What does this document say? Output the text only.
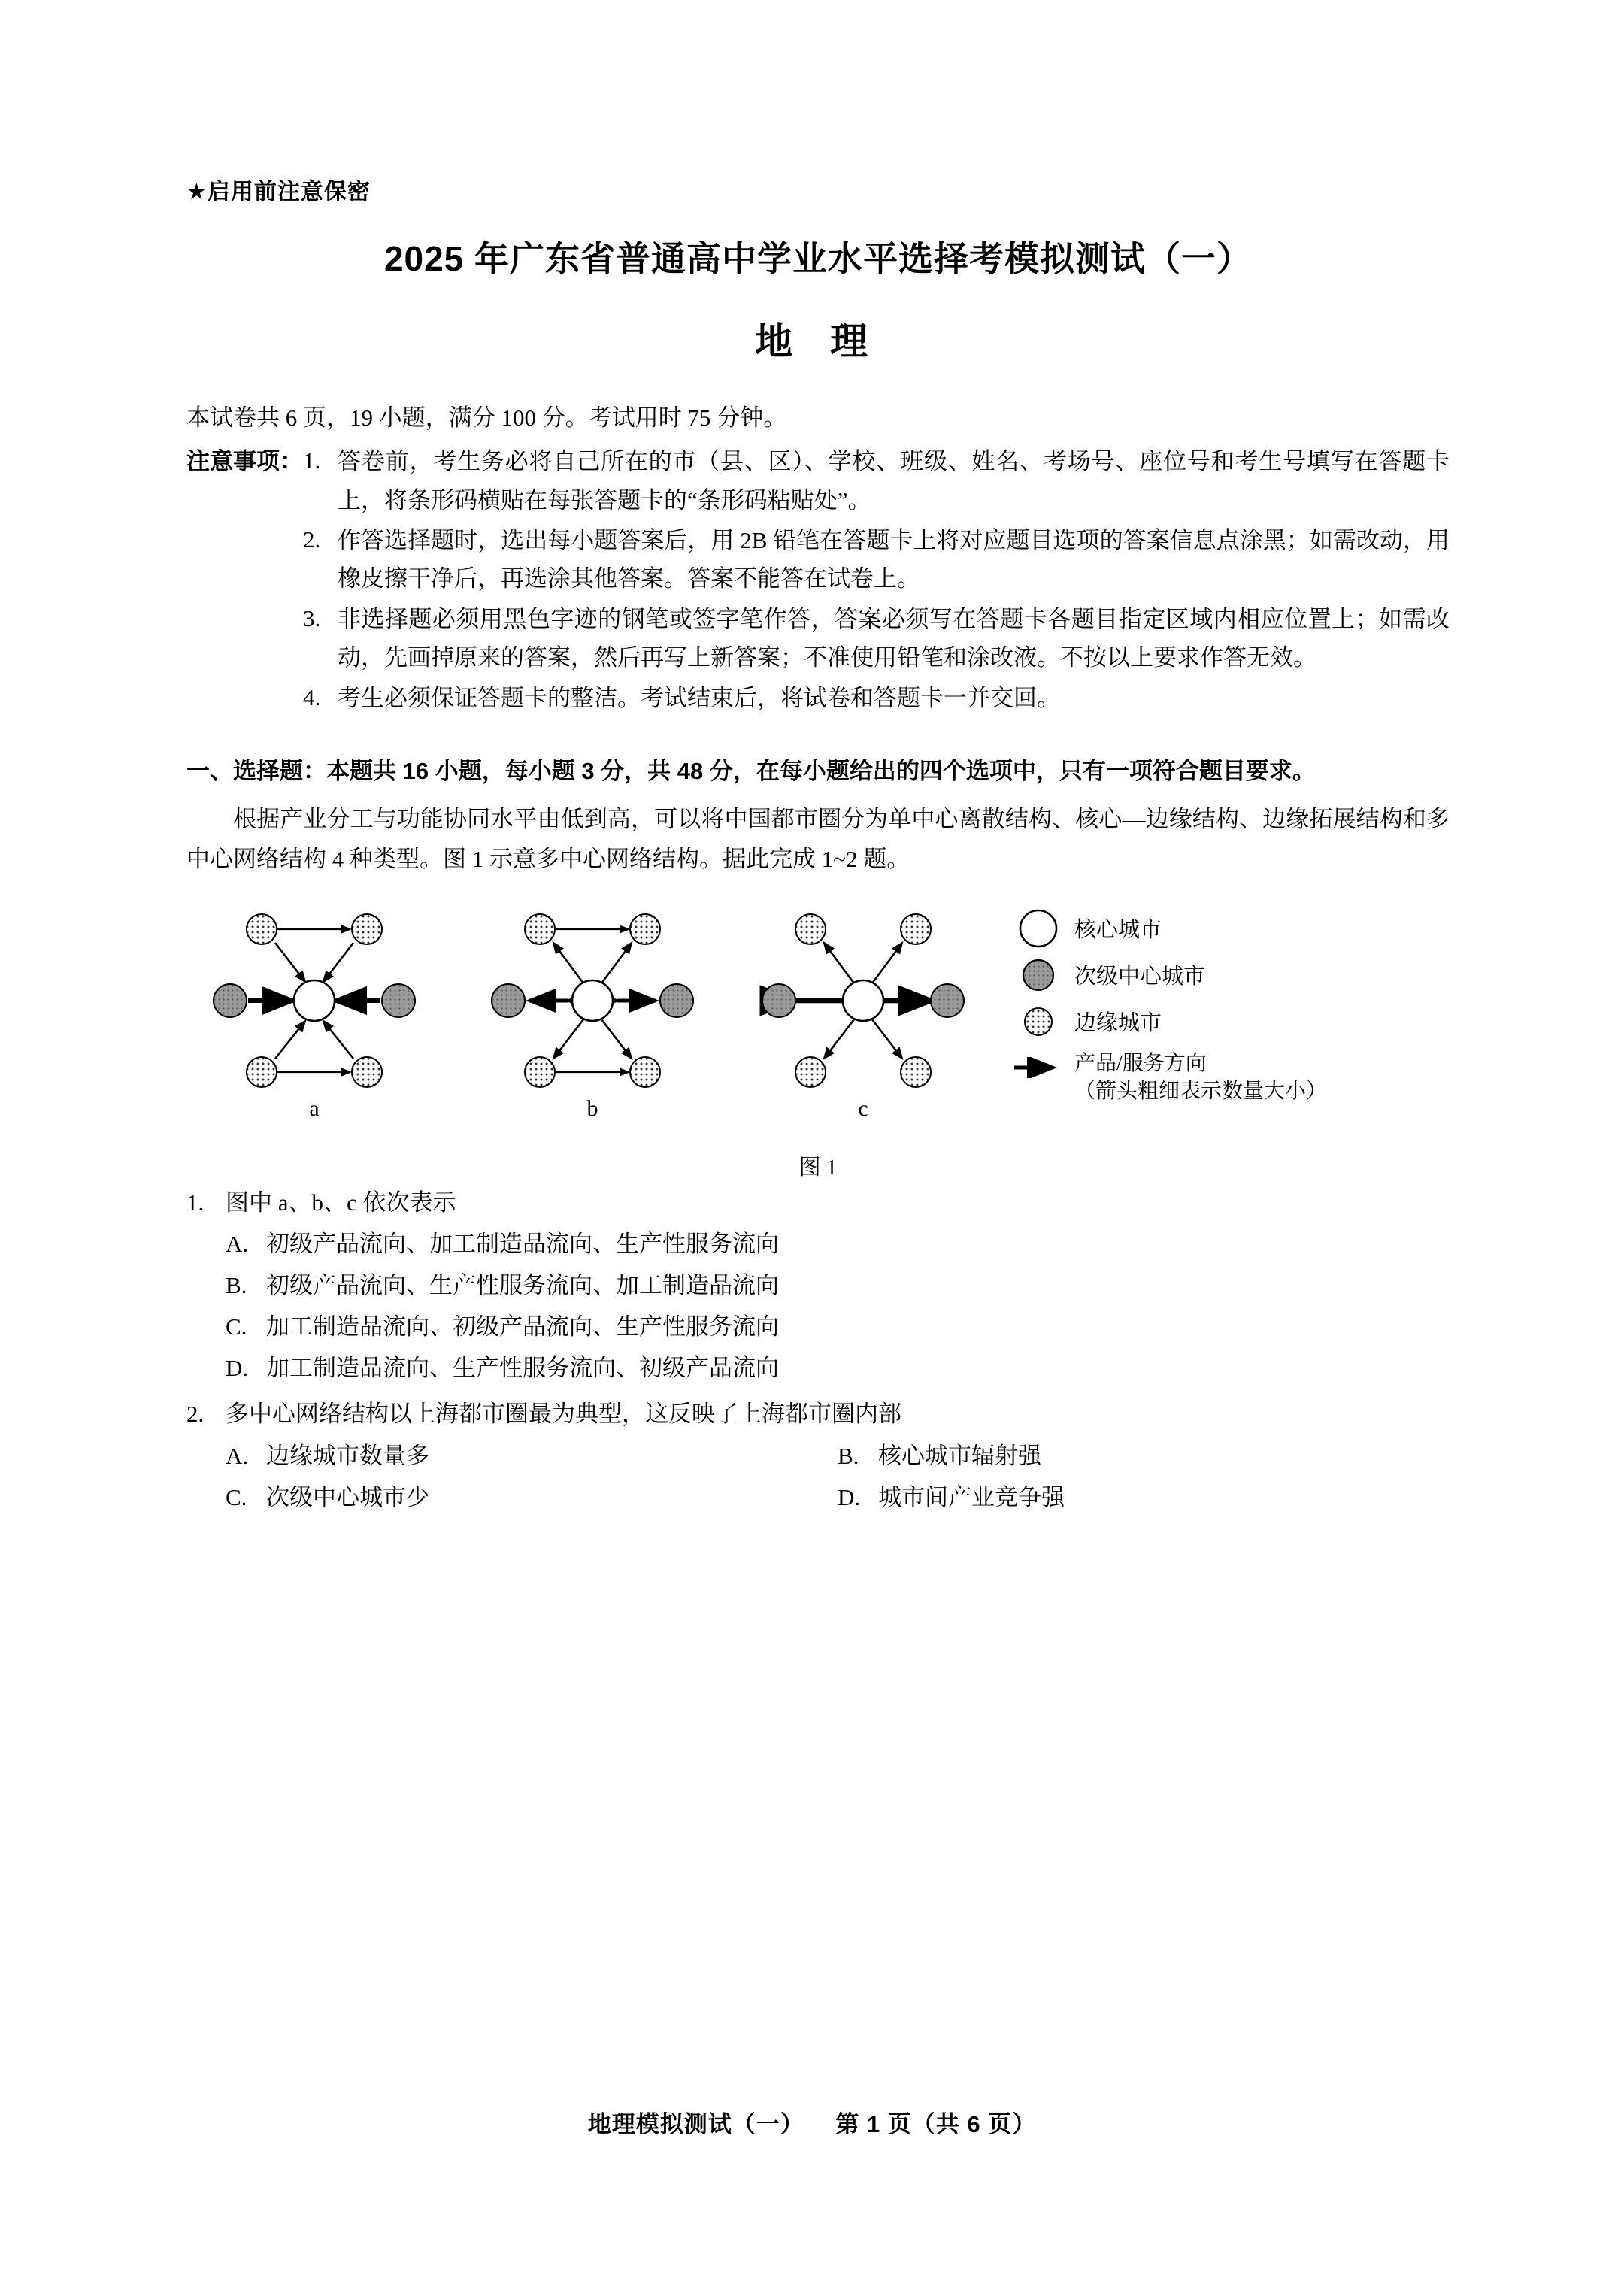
★启用前注意保密
2025 年广东省普通高中学业水平选择考模拟测试（一）
地 理
本试卷共 6 页，19 小题，满分 100 分。考试用时 75 分钟。
注意事项： 1. 答卷前，考生务必将自己所在的市（县、区）、学校、班级、姓名、考场号、座位号和考生号填写在答题卡上，将条形码横贴在每张答题卡的“条形码粘贴处”。
2. 作答选择题时，选出每小题答案后，用 2B 铅笔在答题卡上将对应题目选项的答案信息点涂黑；如需改动，用橡皮擦干净后，再选涂其他答案。答案不能答在试卷上。
3. 非选择题必须用黑色字迹的钢笔或签字笔作答，答案必须写在答题卡各题目指定区域内相应位置上；如需改动，先画掉原来的答案，然后再写上新答案；不准使用铅笔和涂改液。不按以上要求作答无效。
4. 考生必须保证答题卡的整洁。考试结束后，将试卷和答题卡一并交回。
一、选择题：本题共 16 小题，每小题 3 分，共 48 分，在每小题给出的四个选项中，只有一项符合题目要求。
根据产业分工与功能协同水平由低到高，可以将中国都市圈分为单中心离散结构、核心—边缘结构、边缘拓展结构和多中心网络结构 4 种类型。图 1 示意多中心网络结构。据此完成 1~2 题。
a	b	c
核心城市
次级中心城市
边缘城市
产品/服务方向
（箭头粗细表示数量大小）
图 1
1. 图中 a、b、c 依次表示
A. 初级产品流向、加工制造品流向、生产性服务流向
B. 初级产品流向、生产性服务流向、加工制造品流向
C. 加工制造品流向、初级产品流向、生产性服务流向
D. 加工制造品流向、生产性服务流向、初级产品流向
2. 多中心网络结构以上海都市圈最为典型，这反映了上海都市圈内部
A. 边缘城市数量多	B. 核心城市辐射强
C. 次级中心城市少	D. 城市间产业竞争强
地理模拟测试（一） 第 1 页（共 6 页）
